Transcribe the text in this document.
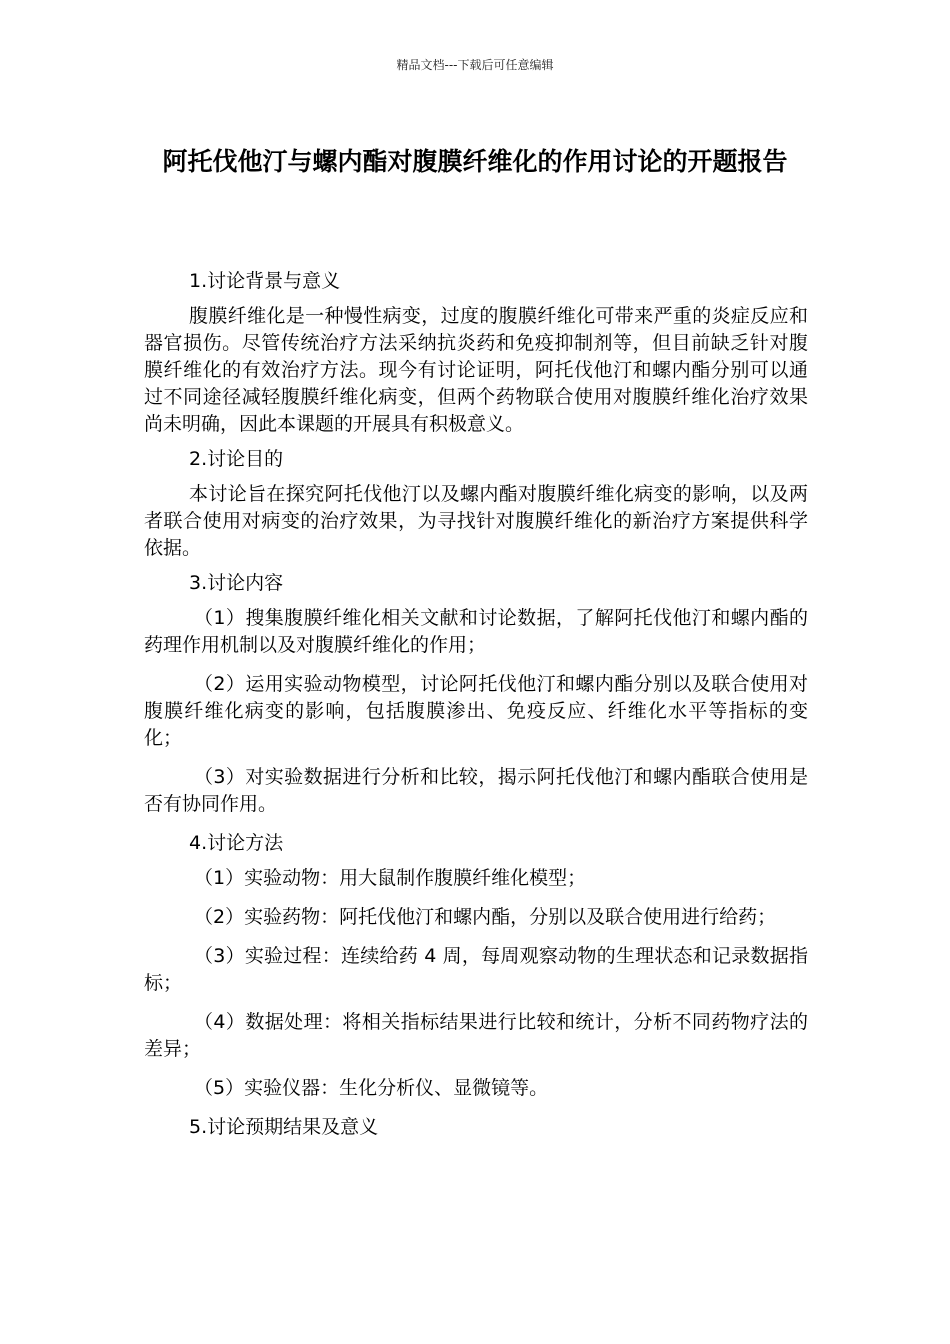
精品文档---下载后可任意编辑
阿托伐他汀与螺内酯对腹膜纤维化的作用讨论的开题报告

1.讨论背景与意义

腹膜纤维化是一种慢性病变，过度的腹膜纤维化可带来严重的炎症反应和器官损伤。尽管传统治疗方法采纳抗炎药和免疫抑制剂等，但目前缺乏针对腹膜纤维化的有效治疗方法。现今有讨论证明，阿托伐他汀和螺内酯分别可以通过不同途径减轻腹膜纤维化病变，但两个药物联合使用对腹膜纤维化治疗效果尚未明确，因此本课题的开展具有积极意义。

2.讨论目的

本讨论旨在探究阿托伐他汀以及螺内酯对腹膜纤维化病变的影响，以及两者联合使用对病变的治疗效果，为寻找针对腹膜纤维化的新治疗方案提供科学依据。

3.讨论内容

（1）搜集腹膜纤维化相关文献和讨论数据，了解阿托伐他汀和螺内酯的药理作用机制以及对腹膜纤维化的作用；

（2）运用实验动物模型，讨论阿托伐他汀和螺内酯分别以及联合使用对腹膜纤维化病变的影响，包括腹膜渗出、免疫反应、纤维化水平等指标的变化；

（3）对实验数据进行分析和比较，揭示阿托伐他汀和螺内酯联合使用是否有协同作用。

4.讨论方法

（1）实验动物：用大鼠制作腹膜纤维化模型；

（2）实验药物：阿托伐他汀和螺内酯，分别以及联合使用进行给药；

（3）实验过程：连续给药 4 周，每周观察动物的生理状态和记录数据指标；

（4）数据处理：将相关指标结果进行比较和统计，分析不同药物疗法的差异；

（5）实验仪器：生化分析仪、显微镜等。

5.讨论预期结果及意义
